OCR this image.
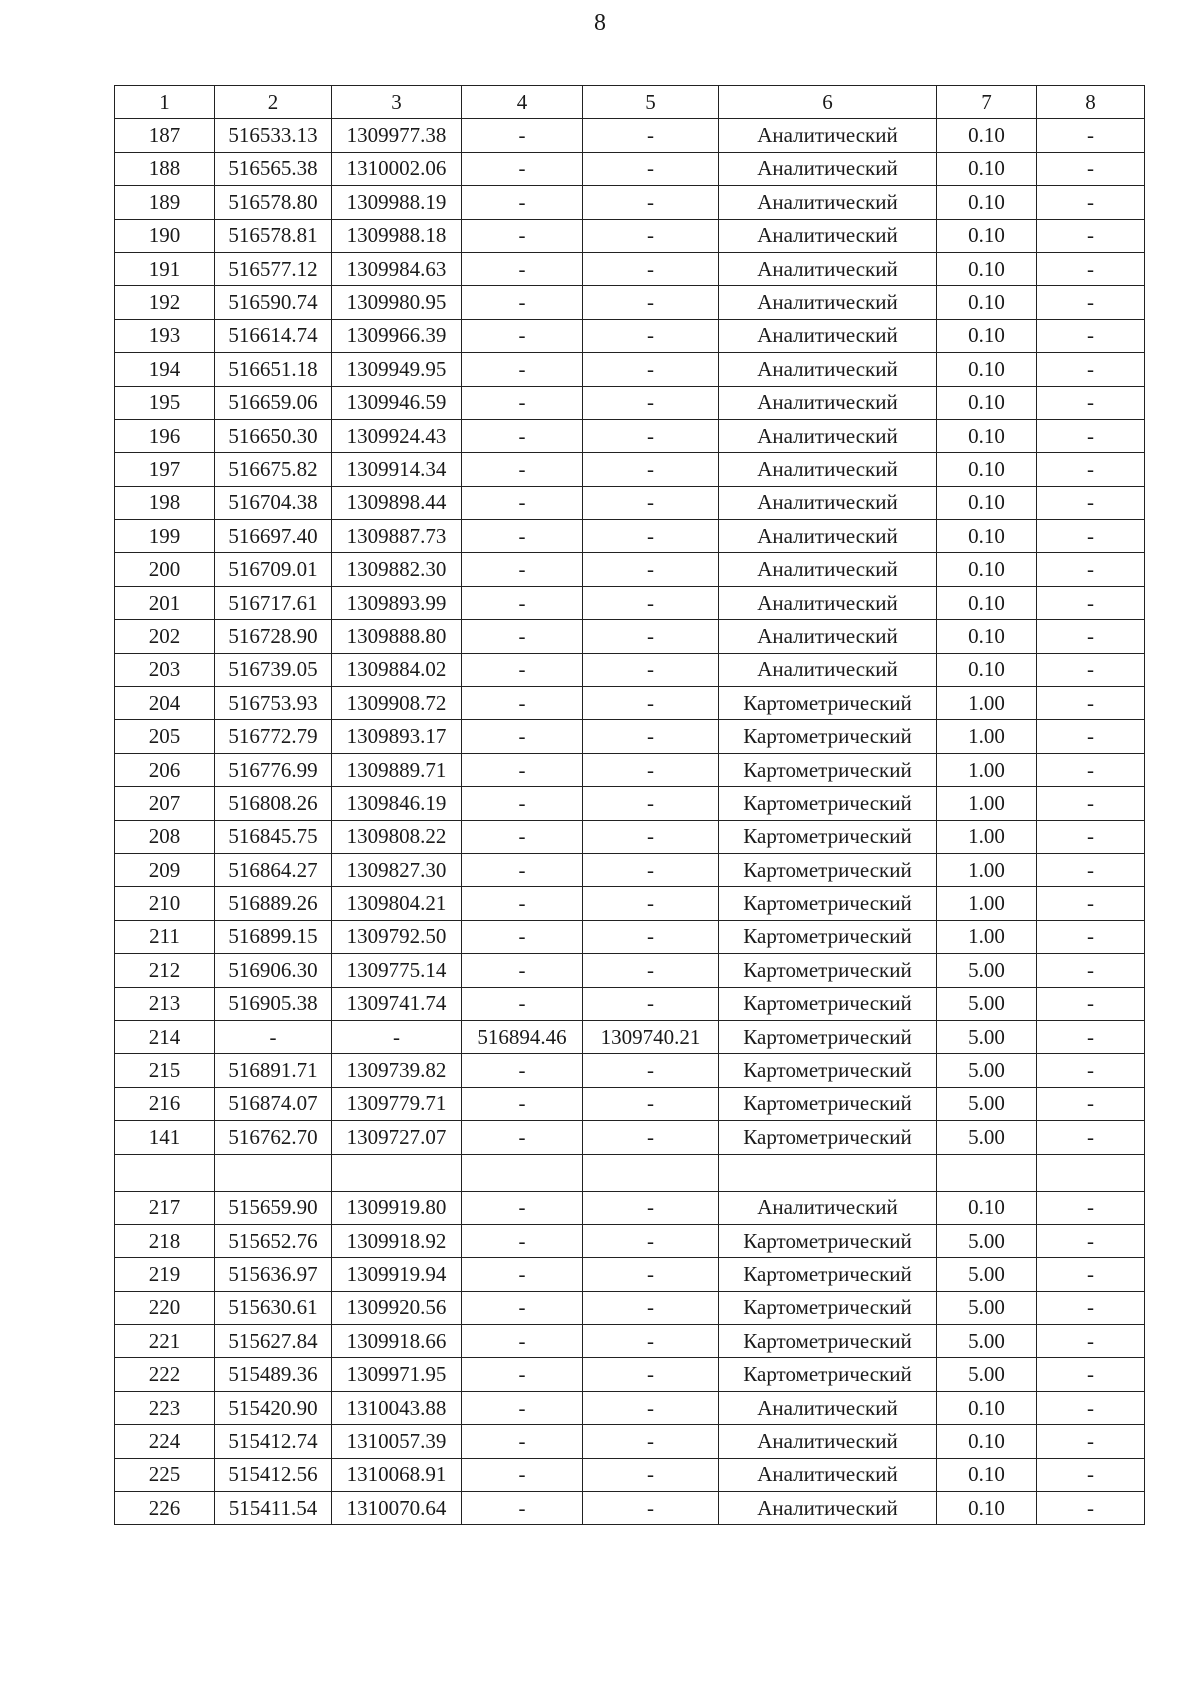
8
1	2	3	4	5	6	7	8
187	516533.13	1309977.38	-	-	Аналитический	0.10	-
188	516565.38	1310002.06	-	-	Аналитический	0.10	-
189	516578.80	1309988.19	-	-	Аналитический	0.10	-
190	516578.81	1309988.18	-	-	Аналитический	0.10	-
191	516577.12	1309984.63	-	-	Аналитический	0.10	-
192	516590.74	1309980.95	-	-	Аналитический	0.10	-
193	516614.74	1309966.39	-	-	Аналитический	0.10	-
194	516651.18	1309949.95	-	-	Аналитический	0.10	-
195	516659.06	1309946.59	-	-	Аналитический	0.10	-
196	516650.30	1309924.43	-	-	Аналитический	0.10	-
197	516675.82	1309914.34	-	-	Аналитический	0.10	-
198	516704.38	1309898.44	-	-	Аналитический	0.10	-
199	516697.40	1309887.73	-	-	Аналитический	0.10	-
200	516709.01	1309882.30	-	-	Аналитический	0.10	-
201	516717.61	1309893.99	-	-	Аналитический	0.10	-
202	516728.90	1309888.80	-	-	Аналитический	0.10	-
203	516739.05	1309884.02	-	-	Аналитический	0.10	-
204	516753.93	1309908.72	-	-	Картометрический	1.00	-
205	516772.79	1309893.17	-	-	Картометрический	1.00	-
206	516776.99	1309889.71	-	-	Картометрический	1.00	-
207	516808.26	1309846.19	-	-	Картометрический	1.00	-
208	516845.75	1309808.22	-	-	Картометрический	1.00	-
209	516864.27	1309827.30	-	-	Картометрический	1.00	-
210	516889.26	1309804.21	-	-	Картометрический	1.00	-
211	516899.15	1309792.50	-	-	Картометрический	1.00	-
212	516906.30	1309775.14	-	-	Картометрический	5.00	-
213	516905.38	1309741.74	-	-	Картометрический	5.00	-
214	-	-	516894.46	1309740.21	Картометрический	5.00	-
215	516891.71	1309739.82	-	-	Картометрический	5.00	-
216	516874.07	1309779.71	-	-	Картометрический	5.00	-
141	516762.70	1309727.07	-	-	Картометрический	5.00	-

217	515659.90	1309919.80	-	-	Аналитический	0.10	-
218	515652.76	1309918.92	-	-	Картометрический	5.00	-
219	515636.97	1309919.94	-	-	Картометрический	5.00	-
220	515630.61	1309920.56	-	-	Картометрический	5.00	-
221	515627.84	1309918.66	-	-	Картометрический	5.00	-
222	515489.36	1309971.95	-	-	Картометрический	5.00	-
223	515420.90	1310043.88	-	-	Аналитический	0.10	-
224	515412.74	1310057.39	-	-	Аналитический	0.10	-
225	515412.56	1310068.91	-	-	Аналитический	0.10	-
226	515411.54	1310070.64	-	-	Аналитический	0.10	-
